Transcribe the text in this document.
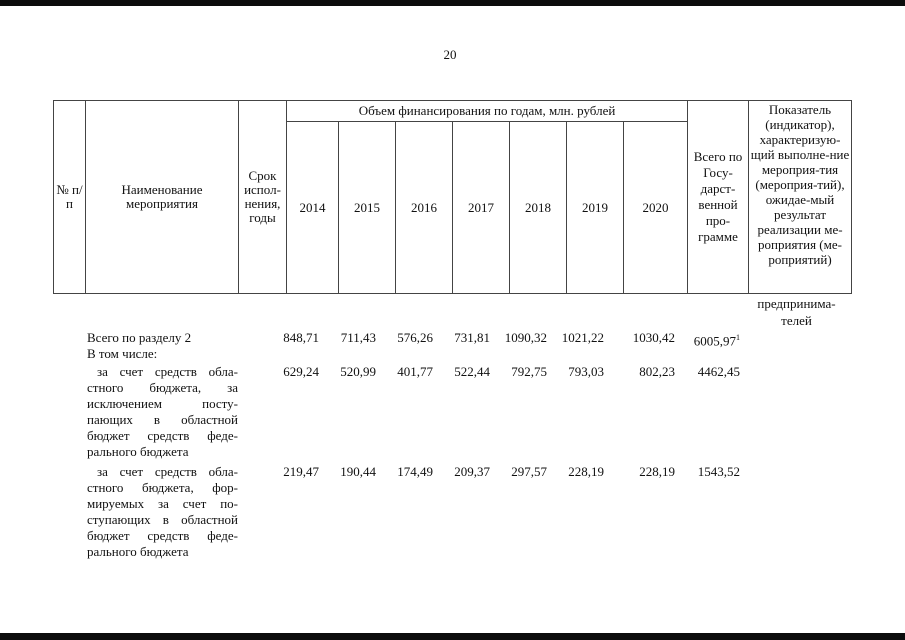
20
№ п/п	Наименование мероприятия	Срок испол-нения, годы	Объем финансирования по годам, млн. рублей							Всего по Госу-дарст-венной про-грамме	Показатель (индикатор), характеризую-щий выполне-ние мероприя-тия (мероприя-тий), ожидае-мый результат реализации ме-роприятия (ме-роприятий)
			2014	2015	2016	2017	2018	2019	2020		
предпринима-телей
Всего по разделу 2	848,71	711,43	576,26	731,81	1090,32	1021,22	1030,42	6005,97$^1$
В том числе:
за счет средств обла-стного бюджета, за исключением посту-пающих в областной бюджет средств феде-рального бюджета
629,24	520,99	401,77	522,44	792,75	793,03	802,23	4462,45
за счет средств обла-стного бюджета, фор-мируемых за счет по-ступающих в областной бюджет средств феде-рального бюджета
219,47	190,44	174,49	209,37	297,57	228,19	228,19	1543,52
